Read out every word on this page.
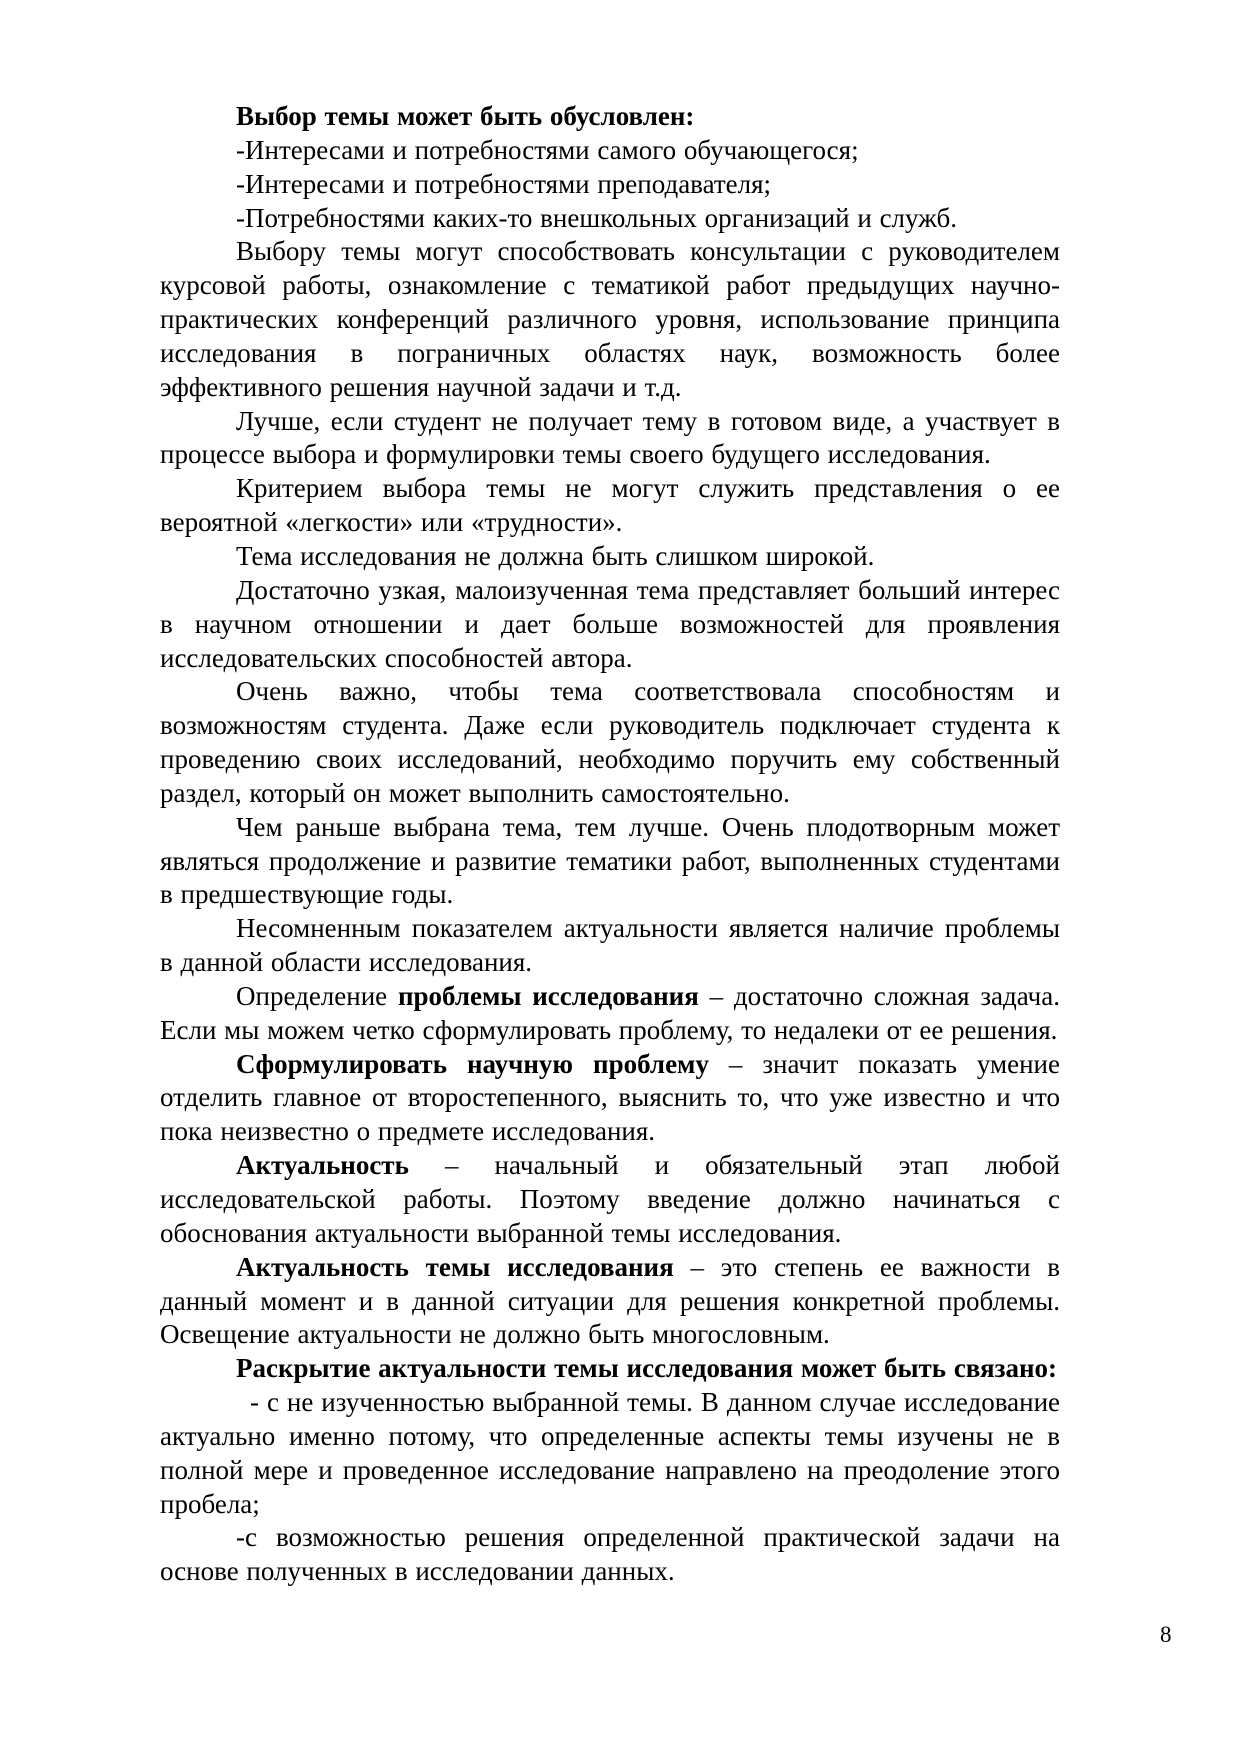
Выбор темы может быть обусловлен:

-Интересами и потребностями самого обучающегося;

-Интересами и потребностями преподавателя;

-Потребностями каких-то внешкольных организаций и служб.

Выбору темы могут способствовать консультации с руководителем курсовой работы, ознакомление с тематикой работ предыдущих научно-практических конференций различного уровня, использование принципа исследования в пограничных областях наук, возможность более эффективного решения научной задачи и т.д.

Лучше, если студент не получает тему в готовом виде, а участвует в процессе выбора и формулировки темы своего будущего исследования.

Критерием выбора темы не могут служить представления о ее вероятной «легкости» или «трудности».

Тема исследования не должна быть слишком широкой.

Достаточно узкая, малоизученная тема представляет больший интерес в научном отношении и дает больше возможностей для проявления исследовательских способностей автора.

Очень важно, чтобы тема соответствовала способностям и возможностям студента. Даже если руководитель подключает студента к проведению своих исследований, необходимо поручить ему собственный раздел, который он может выполнить самостоятельно.

Чем раньше выбрана тема, тем лучше. Очень плодотворным может являться продолжение и развитие тематики работ, выполненных студентами в предшествующие годы.

Несомненным показателем актуальности является наличие проблемы в данной области исследования.

Определение проблемы исследования – достаточно сложная задача. Если мы можем четко сформулировать проблему, то недалеки от ее решения.

Сформулировать научную проблему – значит показать умение отделить главное от второстепенного, выяснить то, что уже известно и что пока неизвестно о предмете исследования.

Актуальность – начальный и обязательный этап любой исследовательской работы. Поэтому введение должно начинаться с обоснования актуальности выбранной темы исследования.

Актуальность темы исследования – это степень ее важности в данный момент и в данной ситуации для решения конкретной проблемы. Освещение актуальности не должно быть многословным.

Раскрытие актуальности темы исследования может быть связано:

- с не изученностью выбранной темы. В данном случае исследование актуально именно потому, что определенные аспекты темы изучены не в полной мере и проведенное исследование направлено на преодоление этого пробела;

-с возможностью решения определенной практической задачи на основе полученных в исследовании данных.

8
